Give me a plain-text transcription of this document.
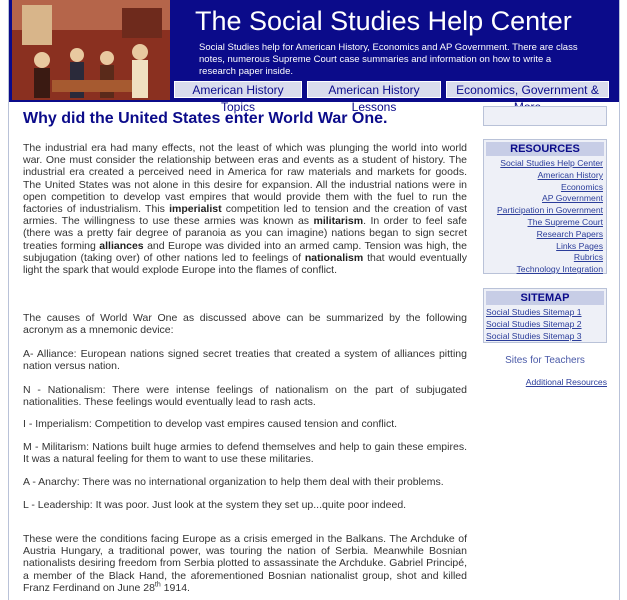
The Social Studies Help Center
Social Studies help for American History, Economics and AP Government. There are class notes, numerous Supreme Court case summaries and information on how to write a research paper inside.
American History Topics
American History Lessons
Economics, Government &
Why did the United States enter World War One.

The industrial era had many effects, not the least of which was plunging the world into world war. One must consider the relationship between eras and events as a student of history. The industrial era created a perceived need in America for raw materials and markets for goods. The United States was not alone in this desire for expansion. All the industrial nations were in open competition to develop vast empires that would provide them with the fuel to run the factories of industrialism. This imperialist competition led to tension and the creation of vast armies. The willingness to use these armies was known as militarism. In order to feel safe (there was a pretty fair degree of paranoia as you can imagine) nations began to sign secret treaties forming alliances and Europe was divided into an armed camp. Tension was high, the subjugation (taking over) of other nations led to feelings of nationalism that would eventually light the spark that would explode Europe into the flames of conflict.

The causes of World War One as discussed above can be summarized by the following acronym as a mnemonic device:

A- Alliance: European nations signed secret treaties that created a system of alliances pitting nation versus nation.

N - Nationalism: There were intense feelings of nationalism on the part of subjugated nationalities. These feelings would eventually lead to rash acts.

I - Imperialism: Competition to develop vast empires caused tension and conflict.

M - Militarism: Nations built huge armies to defend themselves and help to gain these empires. It was a natural feeling for them to want to use these militaries.

A - Anarchy: There was no international organization to help them deal with their problems.

L - Leadership: It was poor. Just look at the system they set up...quite poor indeed.

These were the conditions facing Europe as a crisis emerged in the Balkans. The Archduke of Austria Hungary, a traditional power, was touring the nation of Serbia. Meanwhile Bosnian nationalists desiring freedom from Serbia plotted to assassinate the Archduke. Gabriel Principé, a member of the Black Hand, the aforementioned Bosnian nationalist group, shot and killed Franz Ferdinand on June 28th 1914.

RESOURCES
Social Studies Help Center
American History
Economics
AP Government
Participation in Government
The Supreme Court
Research Papers
Links Pages
Rubrics
Technology Integration
SITEMAP
Social Studies Sitemap 1
Social Studies Sitemap 2
Social Studies Sitemap 3
Sites for Teachers
Additional Resources
